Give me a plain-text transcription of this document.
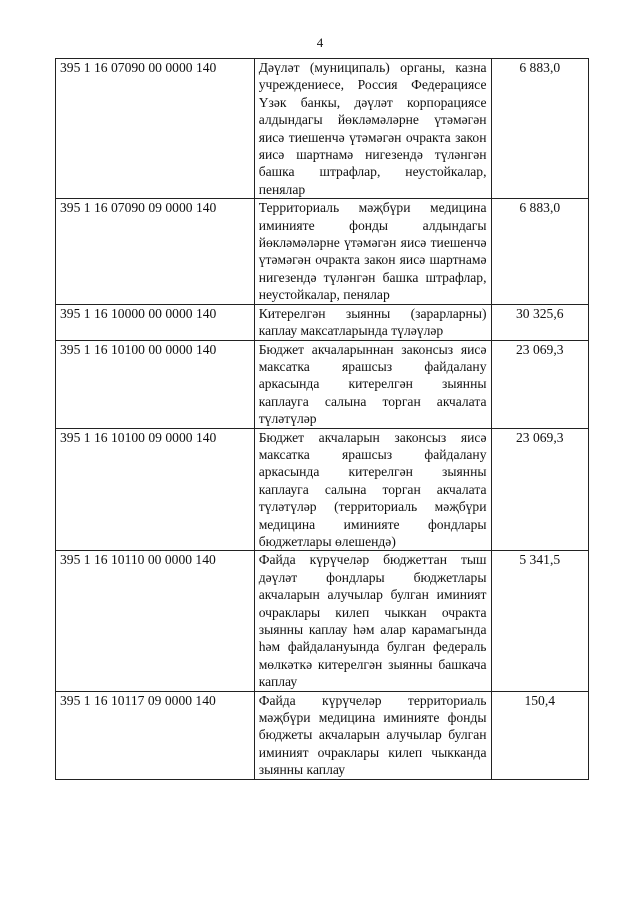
4
395 1 16 07090 00 0000 140	Дәүләт (муниципаль) органы, казна учреждениесе, Россия Федерациясе Үзәк банкы, дәүләт корпорациясе алдындагы йөкләмәләрне үтәмәгән яисә тиешенчә үтәмәгән очракта закон яисә шартнамә нигезендә түләнгән башка штрафлар, неустойкалар, пенялар	6 883,0
395 1 16 07090 09 0000 140	Территориаль мәҗбүри медицина иминияте фонды алдындагы йөкләмәләрне үтәмәгән яисә тиешенчә үтәмәгән очракта закон яисә шартнамә нигезендә түләнгән башка штрафлар, неустойкалар, пенялар	6 883,0
395 1 16 10000 00 0000 140	Китерелгән зыянны (зарарларны) каплау максатларында түләүләр	30 325,6
395 1 16 10100 00 0000 140	Бюджет акчаларыннан законсыз яисә максатка ярашсыз файдалану аркасында китерелгән зыянны каплауга салына торган акчалата түләтүләр	23 069,3
395 1 16 10100 09 0000 140	Бюджет акчаларын законсыз яисә максатка ярашсыз файдалану аркасында китерелгән зыянны каплауга салына торган акчалата түләтүләр (территориаль мәҗбүри медицина иминияте фондлары бюджетлары өлешендә)	23 069,3
395 1 16 10110 00 0000 140	Файда күрүчеләр бюджеттан тыш дәүләт фондлары бюджетлары акчаларын алучылар булган иминият очраклары килеп чыккан очракта зыянны каплау һәм алар карамагында һәм файдалануында булган федераль мөлкәткә китерелгән зыянны башкача каплау	5 341,5
395 1 16 10117 09 0000 140	Файда күрүчеләр территориаль мәҗбүри медицина иминияте фонды бюджеты акчаларын алучылар булган иминият очраклары килеп чыкканда зыянны каплау	150,4
